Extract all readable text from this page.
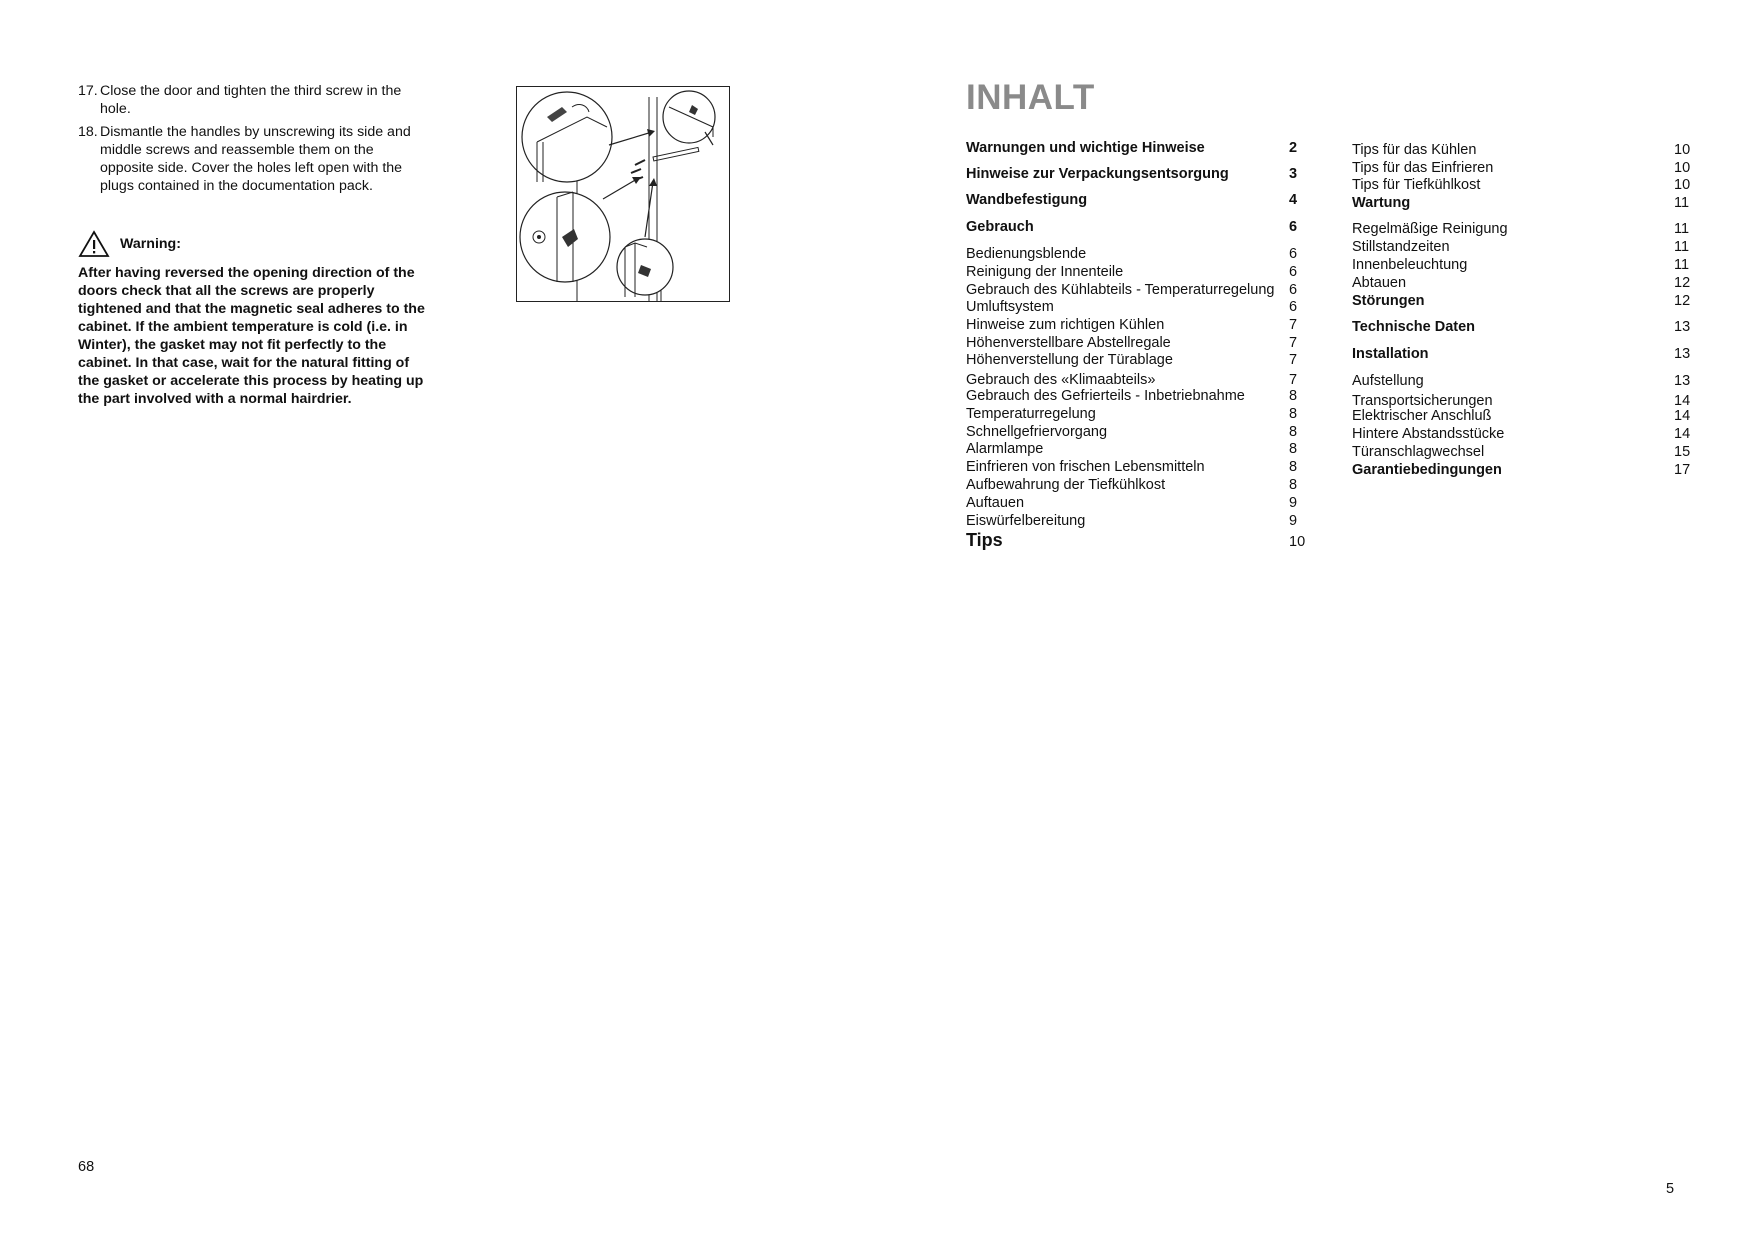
17. Close the door and tighten the third screw in the hole.
18. Dismantle the handles by unscrewing its side and middle screws and reassemble them on the opposite side. Cover the holes left open with the plugs contained in the documentation pack.
Warning:
After having reversed the opening direction of the doors check that all the screws are properly tightened and that the magnetic seal adheres to the cabinet. If the ambient temperature is cold (i.e. in Winter), the gasket may not fit perfectly to the cabinet. In that case, wait for the natural fitting of the gasket or accelerate this process by heating up the part involved with a normal hairdrier.
68
INHALT
Warnungen und wichtige Hinweise	2
Hinweise zur Verpackungsentsorgung	3
Wandbefestigung	4
Gebrauch	6
Bedienungsblende	6
Reinigung der Innenteile	6
Gebrauch des Kühlabteils - Temperaturregelung 6
Umluftsystem	6
Hinweise zum richtigen Kühlen	7
Höhenverstellbare Abstellregale	7
Höhenverstellung der Türablage	7
Gebrauch des «Klimaabteils»	7
Gebrauch des Gefrierteils - Inbetriebnahme	8
Temperaturregelung	8
Schnellgefriervorgang	8
Alarmlampe	8
Einfrieren von frischen Lebensmitteln	8
Aufbewahrung der Tiefkühlkost	8
Auftauen	9
Eiswürfelbereitung	9
Tips	10
Tips für das Kühlen	10
Tips für das Einfrieren	10
Tips für Tiefkühlkost	10
Wartung	11
Regelmäßige Reinigung	11
Stillstandzeiten	11
Innenbeleuchtung	11
Abtauen	12
Störungen	12
Technische Daten	13
Installation	13
Aufstellung	13
Transportsicherungen	14
Elektrischer Anschluß	14
Hintere Abstandsstücke	14
Türanschlagwechsel	15
Garantiebedingungen	17
5
